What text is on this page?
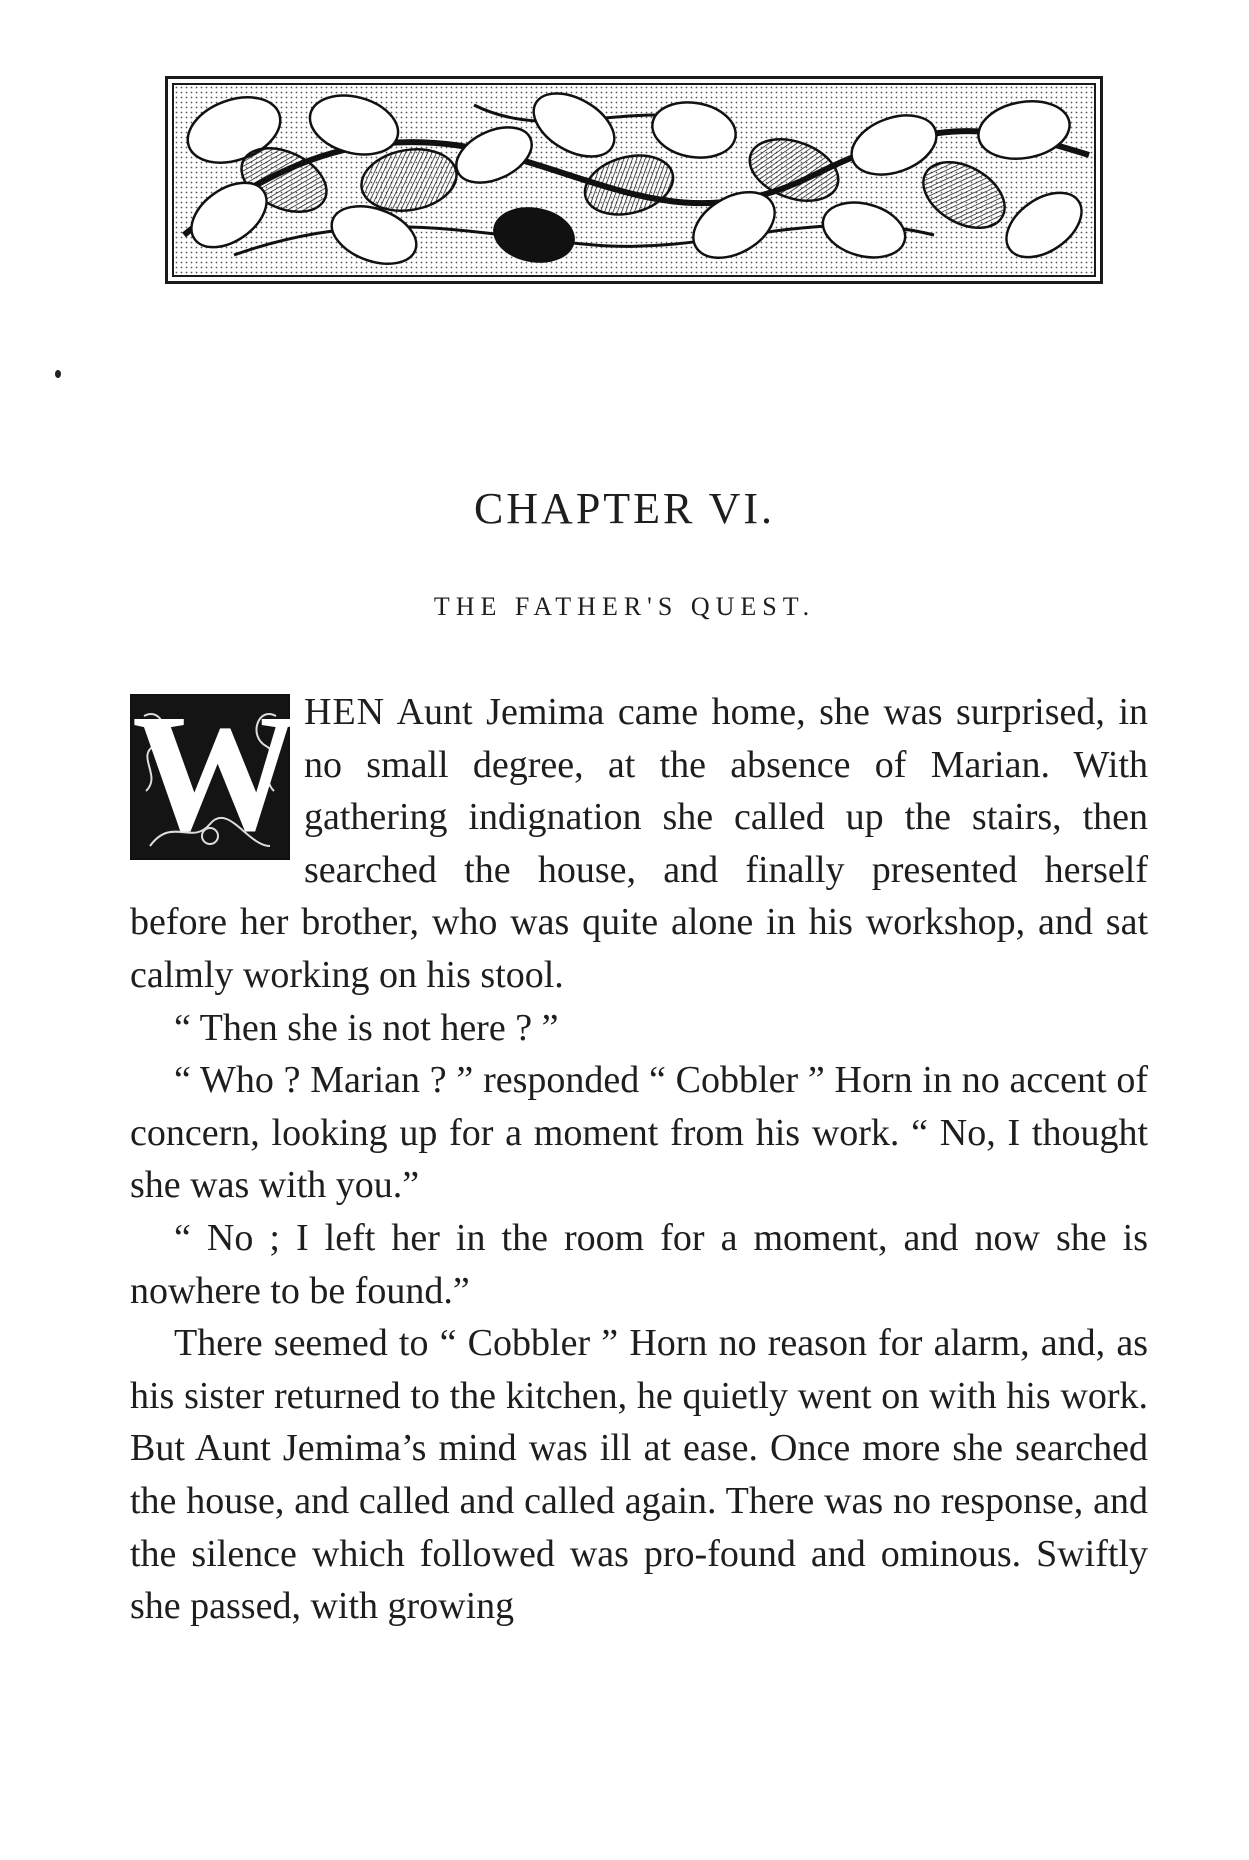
CHAPTER VI.
THE FATHER'S QUEST.
W HEN Aunt Jemima came home, she was surprised, in no small degree, at the absence of Marian. With gathering indignation she called up the stairs, then searched the house, and finally presented herself before her brother, who was quite alone in his workshop, and sat calmly working on his stool.

“ Then she is not here ? ”

“ Who ? Marian ? ” responded “ Cobbler ” Horn in no accent of concern, looking up for a moment from his work. “ No, I thought she was with you.”

“ No ; I left her in the room for a moment, and now she is nowhere to be found.”

There seemed to “ Cobbler ” Horn no reason for alarm, and, as his sister returned to the kitchen, he quietly went on with his work. But Aunt Jemima’s mind was ill at ease. Once more she searched the house, and called and called again. There was no response, and the silence which followed was pro-found and ominous. Swiftly she passed, with growing
